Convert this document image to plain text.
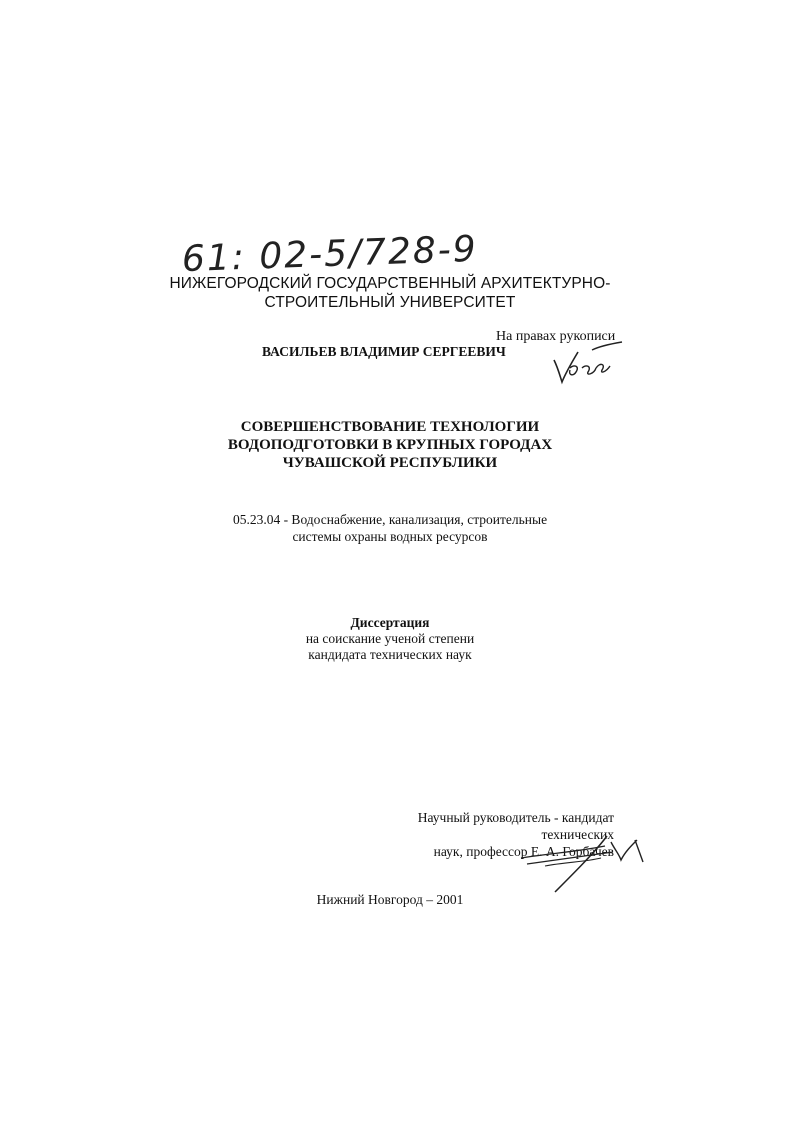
61: 02-5/728-9
НИЖЕГОРОДСКИЙ ГОСУДАРСТВЕННЫЙ АРХИТЕКТУРНО-
СТРОИТЕЛЬНЫЙ УНИВЕРСИТЕТ
На правах рукописи
ВАСИЛЬЕВ ВЛАДИМИР СЕРГЕЕВИЧ
СОВЕРШЕНСТВОВАНИЕ ТЕХНОЛОГИИ
ВОДОПОДГОТОВКИ В КРУПНЫХ ГОРОДАХ
ЧУВАШСКОЙ РЕСПУБЛИКИ
05.23.04 - Водоснабжение, канализация, строительные
системы охраны водных ресурсов
Диссертация
на соискание ученой степени
кандидата технических наук
Научный руководитель - кандидат технических
наук, профессор Е. А. Горбачев
Нижний Новгород – 2001
